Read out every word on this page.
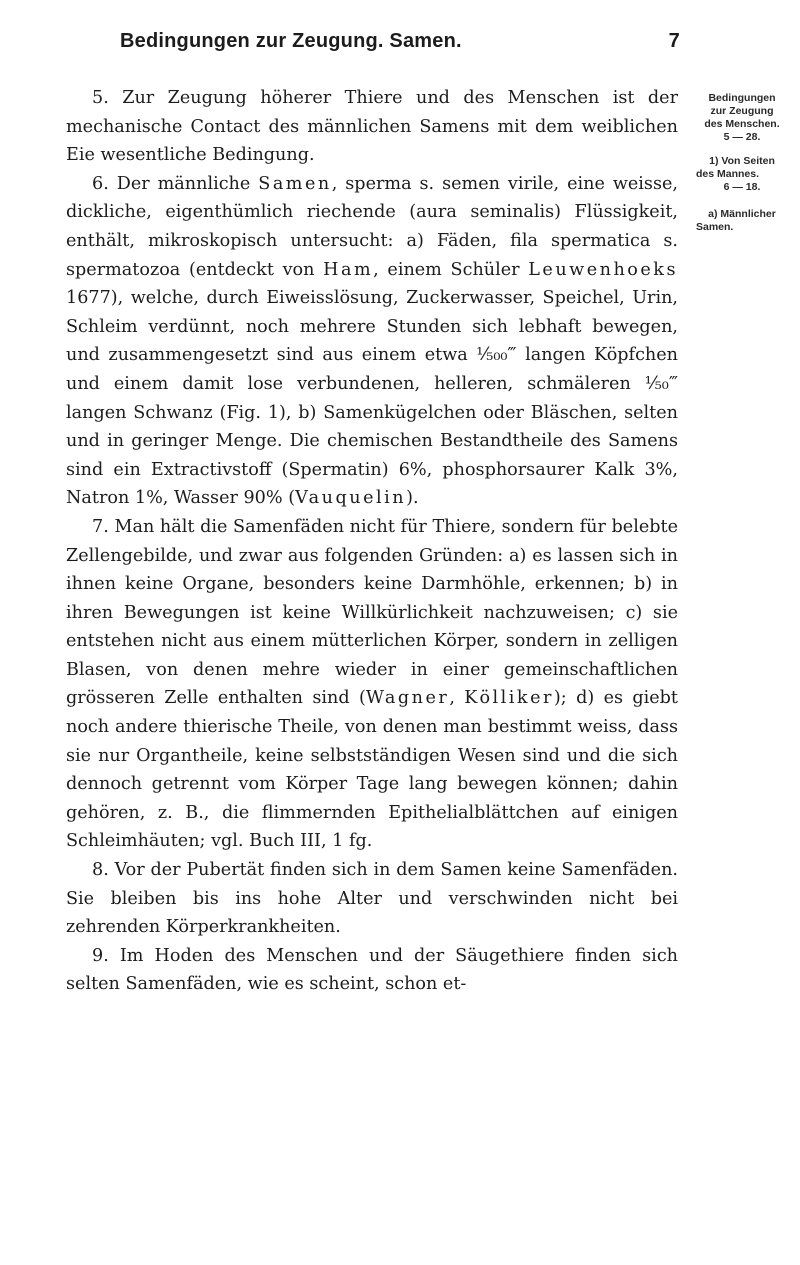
Bedingungen zur Zeugung. Samen.	7

5. Zur Zeugung höherer Thiere und des Menschen ist der mechanische Contact des männlichen Samens mit dem weiblichen Eie wesentliche Bedingung.

6. Der männliche Samen, sperma s. semen virile, eine weisse, dickliche, eigenthümlich riechende (aura seminalis) Flüssigkeit, enthält, mikroskopisch untersucht: a) Fäden, fila spermatica s. spermatozoa (entdeckt von Ham, einem Schüler Leuwenhoeks 1677), welche, durch Eiweisslösung, Zuckerwasser, Speichel, Urin, Schleim verdünnt, noch mehrere Stunden sich lebhaft bewegen, und zusammengesetzt sind aus einem etwa ¹⁄₅₀₀‴ langen Köpfchen und einem damit lose verbundenen, helleren, schmäleren ¹⁄₅₀‴ langen Schwanz (Fig. 1), b) Samenkügelchen oder Bläschen, selten und in geringer Menge. Die chemischen Bestandtheile des Samens sind ein Extractivstoff (Spermatin) 6%, phosphorsaurer Kalk 3%, Natron 1%, Wasser 90% (Vauquelin).

7. Man hält die Samenfäden nicht für Thiere, sondern für belebte Zellengebilde, und zwar aus folgenden Gründen: a) es lassen sich in ihnen keine Organe, besonders keine Darmhöhle, erkennen; b) in ihren Bewegungen ist keine Willkürlichkeit nachzuweisen; c) sie entstehen nicht aus einem mütterlichen Körper, sondern in zelligen Blasen, von denen mehre wieder in einer gemeinschaftlichen grösseren Zelle enthalten sind (Wagner, Kölliker); d) es giebt noch andere thierische Theile, von denen man bestimmt weiss, dass sie nur Organtheile, keine selbstständigen Wesen sind und die sich dennoch getrennt vom Körper Tage lang bewegen können; dahin gehören, z. B., die flimmernden Epithelialblättchen auf einigen Schleimhäuten; vgl. Buch III, 1 fg.

8. Vor der Pubertät finden sich in dem Samen keine Samenfäden. Sie bleiben bis ins hohe Alter und verschwinden nicht bei zehrenden Körperkrankheiten.

9. Im Hoden des Menschen und der Säugethiere finden sich selten Samenfäden, wie es scheint, schon et-

Bedingungen
zur Zeugung
des Menschen.
5 — 28.
1) Von Seiten
des Mannes.
6 — 18.
a) Männlicher
Samen.
